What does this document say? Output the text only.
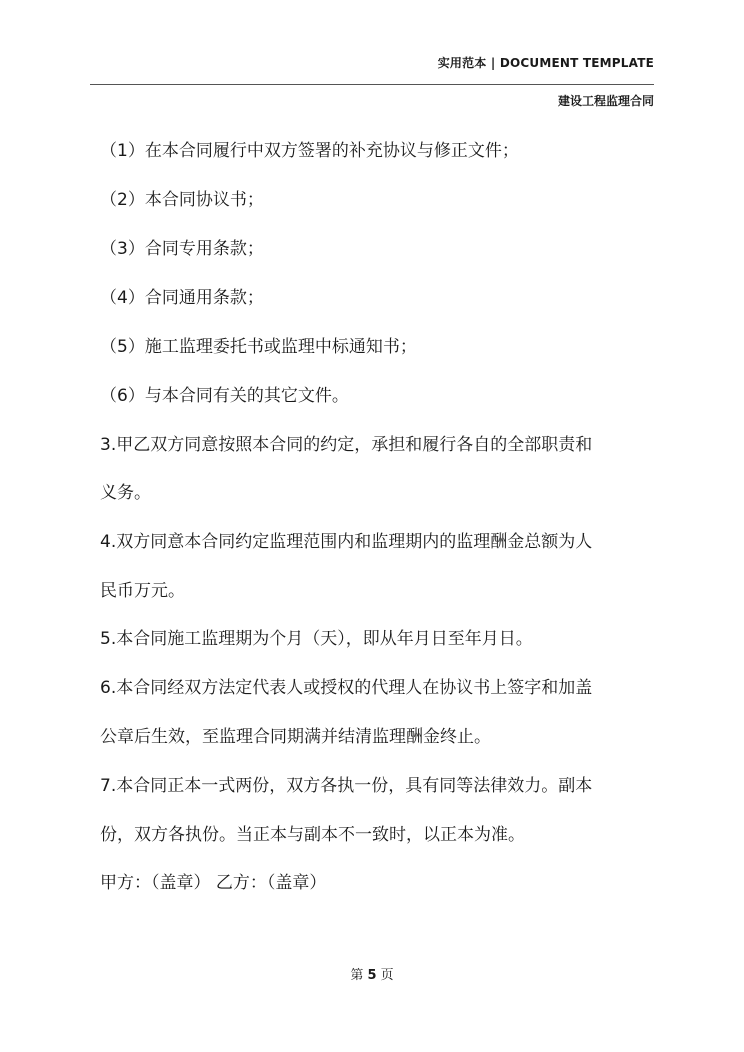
实用范本 | DOCUMENT TEMPLATE
建设工程监理合同

（1）在本合同履行中双方签署的补充协议与修正文件；

（2）本合同协议书；

（3）合同专用条款；

（4）合同通用条款；

（5）施工监理委托书或监理中标通知书；

（6）与本合同有关的其它文件。

3.甲乙双方同意按照本合同的约定，承担和履行各自的全部职责和

义务。

4.双方同意本合同约定监理范围内和监理期内的监理酬金总额为人

民币万元。

5.本合同施工监理期为个月（天），即从年月日至年月日。

6.本合同经双方法定代表人或授权的代理人在协议书上签字和加盖

公章后生效，至监理合同期满并结清监理酬金终止。

7.本合同正本一式两份，双方各执一份，具有同等法律效力。副本

份，双方各执份。当正本与副本不一致时，以正本为准。

甲方：（盖章） 乙方：（盖章）

第 5 页
